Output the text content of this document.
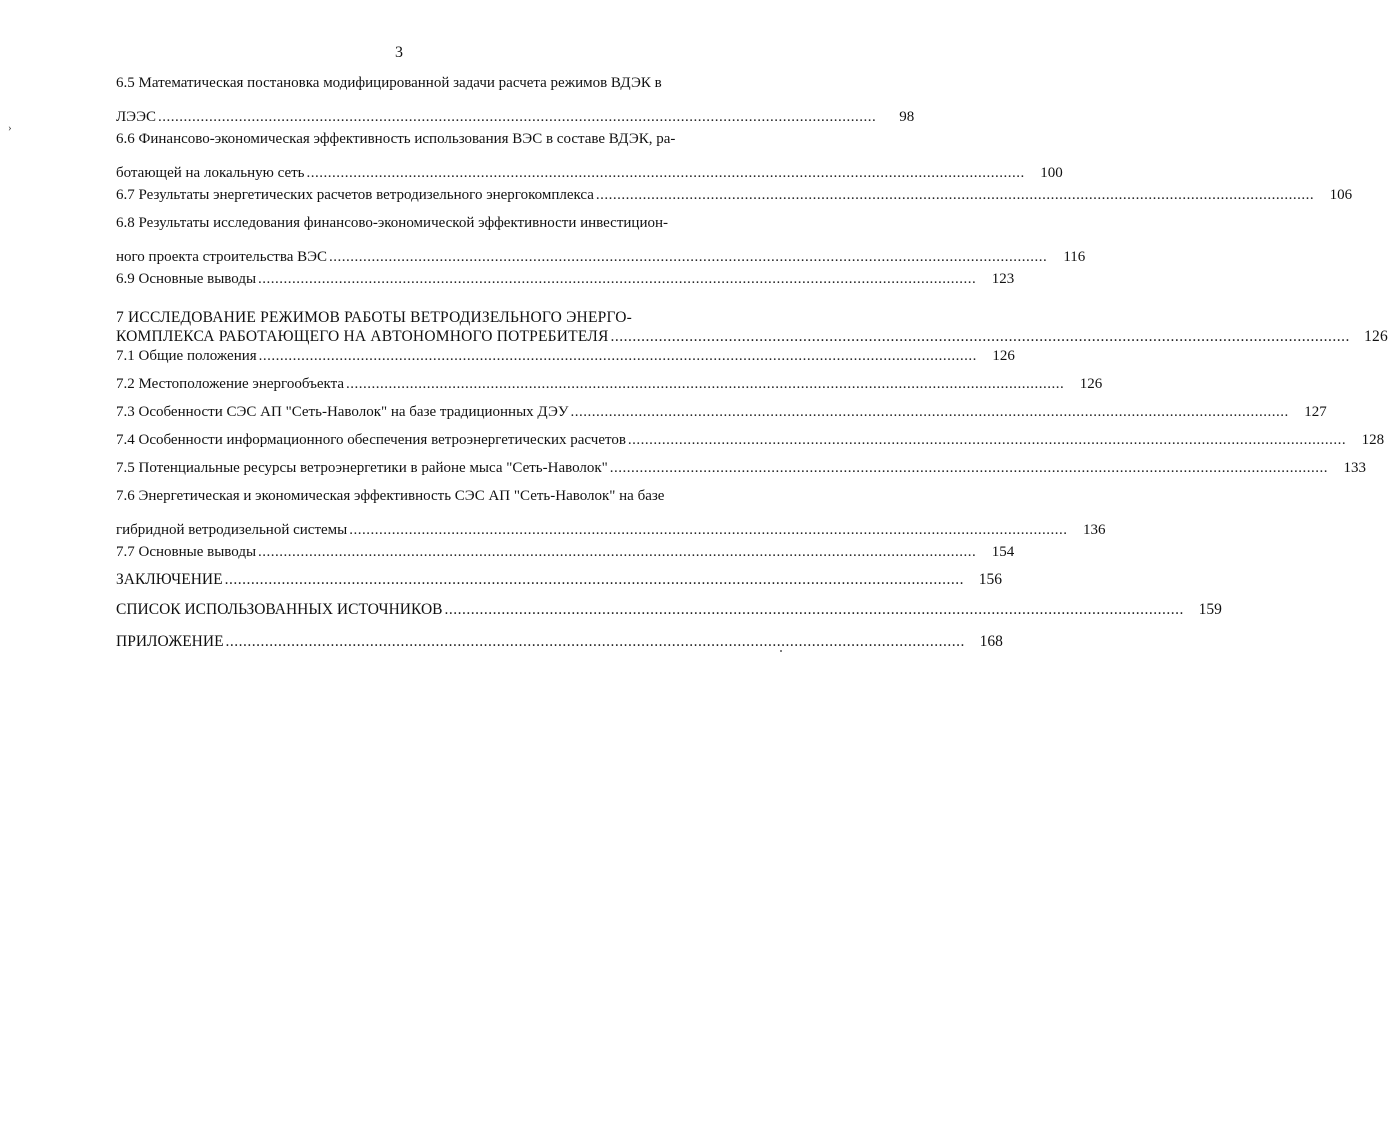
3
›
6.5 Математическая постановка модифицированной задачи расчета режимов ВДЭК в
ЛЭЭС .........................................................................................................................................................................	98
6.6 Финансово-экономическая эффективность использования ВЭС в составе ВДЭК, ра-
ботающей на локальную сеть .........................................................................................................................................................................	100
6.7 Результаты энергетических расчетов ветродизельного энергокомплекса .........................................................................................................................................................................	106
6.8 Результаты исследования финансово-экономической эффективности инвестицион-
ного проекта строительства ВЭС .........................................................................................................................................................................	116
6.9 Основные выводы .........................................................................................................................................................................	123
7 ИССЛЕДОВАНИЕ РЕЖИМОВ РАБОТЫ ВЕТРОДИЗЕЛЬНОГО ЭНЕРГО-
КОМПЛЕКСА РАБОТАЮЩЕГО НА АВТОНОМНОГО ПОТРЕБИТЕЛЯ ......................................................................................................................................................................... 126
7.1 Общие положения .........................................................................................................................................................................	126
7.2 Местоположение энергообъекта .........................................................................................................................................................................	126
7.3 Особенности СЭС АП "Сеть-Наволок" на базе традиционных ДЭУ .........................................................................................................................................................................	127
7.4 Особенности информационного обеспечения ветроэнергетических расчетов .........................................................................................................................................................................	128
7.5 Потенциальные ресурсы ветроэнергетики в районе мыса "Сеть-Наволок" .........................................................................................................................................................................	133
7.6 Энергетическая и экономическая эффективность СЭС АП "Сеть-Наволок" на базе
гибридной ветродизельной системы .........................................................................................................................................................................	136
7.7 Основные выводы .........................................................................................................................................................................	154
ЗАКЛЮЧЕНИЕ ......................................................................................................................................................................... 156
СПИСОК ИСПОЛЬЗОВАННЫХ ИСТОЧНИКОВ ......................................................................................................................................................................... 159
ПРИЛОЖЕНИЕ ......................................................................................................................................................................... 168
